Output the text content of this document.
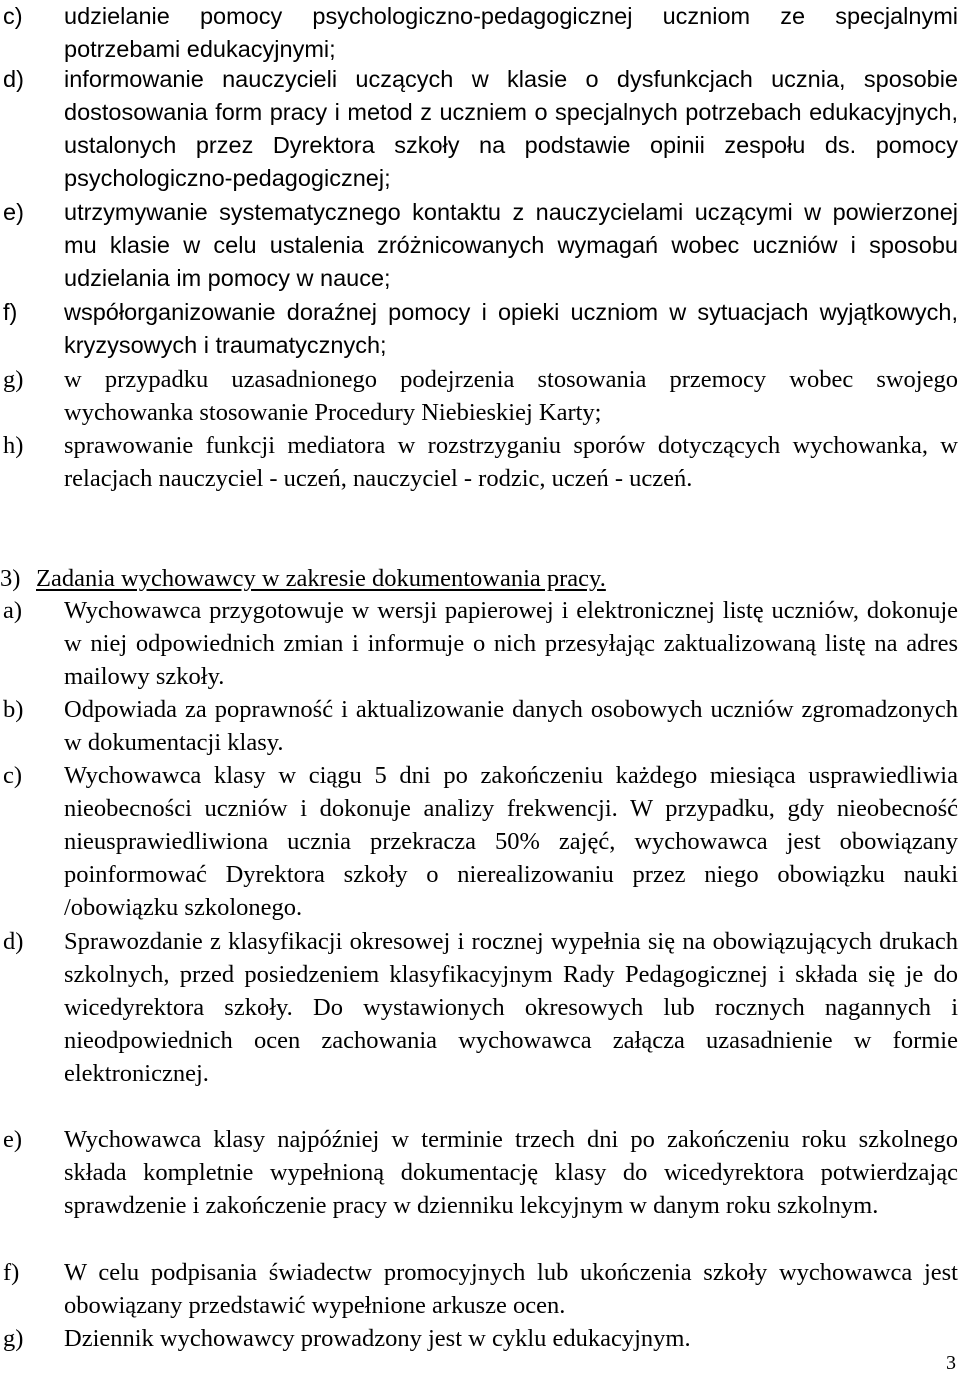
c)	udzielanie pomocy psychologiczno-pedagogicznej uczniom ze specjalnymi potrzebami edukacyjnymi;
d)	informowanie nauczycieli uczących w klasie o dysfunkcjach ucznia, sposobie dostosowania form pracy i metod z uczniem o specjalnych potrzebach edukacyjnych, ustalonych przez Dyrektora szkoły na podstawie opinii zespołu ds. pomocy psychologiczno-pedagogicznej;
e)	utrzymywanie systematycznego kontaktu z nauczycielami uczącymi w powierzonej mu klasie w celu ustalenia zróżnicowanych wymagań wobec uczniów i sposobu udzielania im pomocy w nauce;
f)	współorganizowanie doraźnej pomocy i opieki uczniom w sytuacjach wyjątkowych, kryzysowych i traumatycznych;
g)	w przypadku uzasadnionego podejrzenia stosowania przemocy wobec swojego wychowanka stosowanie Procedury Niebieskiej Karty;
h)	sprawowanie funkcji mediatora w rozstrzyganiu sporów dotyczących wychowanka, w relacjach nauczyciel - uczeń, nauczyciel - rodzic, uczeń - uczeń.
3) Zadania wychowawcy w zakresie dokumentowania pracy.
a)	Wychowawca przygotowuje w wersji papierowej i elektronicznej listę uczniów, dokonuje w niej odpowiednich zmian i informuje o nich przesyłając zaktualizowaną listę na adres mailowy szkoły.
b)	Odpowiada za poprawność i aktualizowanie danych osobowych uczniów zgromadzonych w dokumentacji klasy.
c)	Wychowawca klasy w ciągu 5 dni po zakończeniu każdego miesiąca usprawiedliwia nieobecności uczniów i dokonuje analizy frekwencji. W przypadku, gdy nieobecność nieusprawiedliwiona ucznia przekracza 50% zajęć, wychowawca jest obowiązany poinformować Dyrektora szkoły o nierealizowaniu przez niego obowiązku nauki /obowiązku szkolonego.
d)	Sprawozdanie z klasyfikacji okresowej i rocznej wypełnia się na obowiązujących drukach szkolnych, przed posiedzeniem klasyfikacyjnym Rady Pedagogicznej i składa się je do wicedyrektora szkoły. Do wystawionych okresowych lub rocznych nagannych i nieodpowiednich ocen zachowania wychowawca załącza uzasadnienie w formie elektronicznej.
e)	Wychowawca klasy najpóźniej w terminie trzech dni po zakończeniu roku szkolnego składa kompletnie wypełnioną dokumentację klasy do wicedyrektora potwierdzając sprawdzenie i zakończenie pracy w dzienniku lekcyjnym w danym roku szkolnym.
f)	W celu podpisania świadectw promocyjnych lub ukończenia szkoły wychowawca jest obowiązany przedstawić wypełnione arkusze ocen.
g)	Dziennik wychowawcy prowadzony jest w cyklu edukacyjnym.
3
